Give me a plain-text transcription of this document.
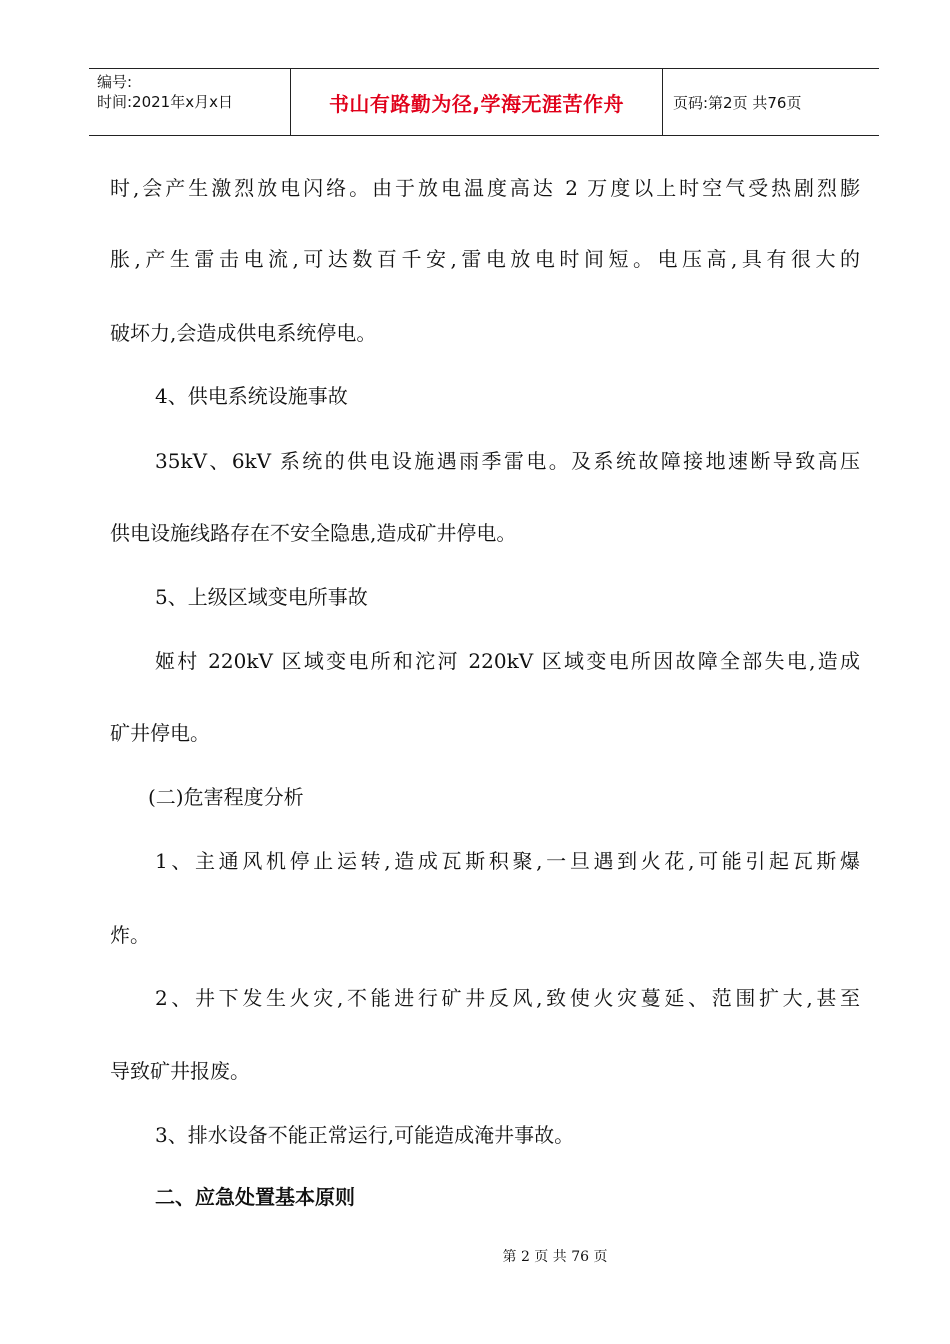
编号:
时间:2021年x月x日	书山有路勤为径,学海无涯苦作舟	页码:第2页 共76页
时,会产生激烈放电闪络。由于放电温度高达 2 万度以上时空气受热剧烈膨
胀,产生雷击电流,可达数百千安,雷电放电时间短。电压高,具有很大的
破坏力,会造成供电系统停电。
4、供电系统设施事故
35kV、6kV 系统的供电设施遇雨季雷电。及系统故障接地速断导致高压
供电设施线路存在不安全隐患,造成矿井停电。
5、上级区域变电所事故
姬村 220kV 区域变电所和沱河 220kV 区域变电所因故障全部失电,造成
矿井停电。
(二)危害程度分析
1、主通风机停止运转,造成瓦斯积聚,一旦遇到火花,可能引起瓦斯爆
炸。
2、井下发生火灾,不能进行矿井反风,致使火灾蔓延、范围扩大,甚至
导致矿井报废。
3、排水设备不能正常运行,可能造成淹井事故。
二、应急处置基本原则
第 2 页 共 76 页
